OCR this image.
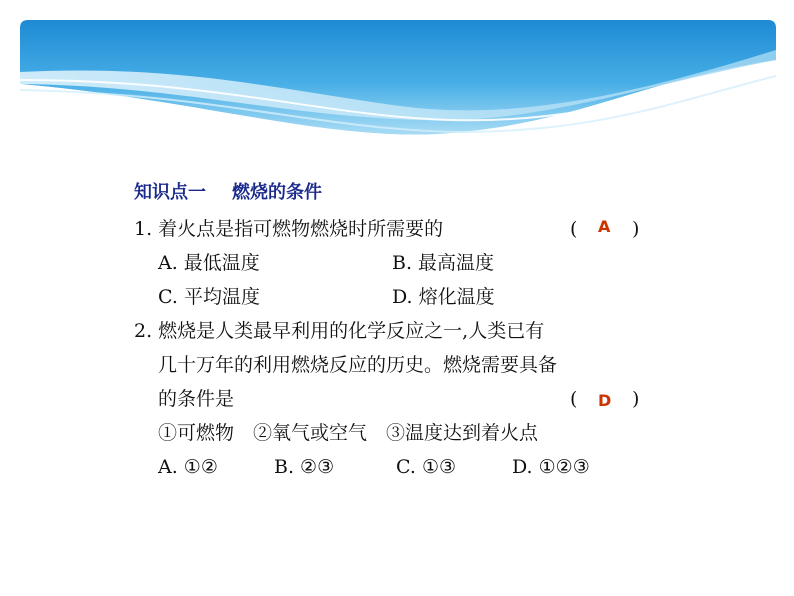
知识点一 燃烧的条件
1. 着火点是指可燃物燃烧时所需要的	( A )
A. 最低温度	B. 最高温度
C. 平均温度	D. 熔化温度
2. 燃烧是人类最早利用的化学反应之一,人类已有
几十万年的利用燃烧反应的历史。燃烧需要具备
的条件是	( D )
①可燃物　②氧气或空气　③温度达到着火点
A. ①②	B. ②③	C. ①③	D. ①②③
